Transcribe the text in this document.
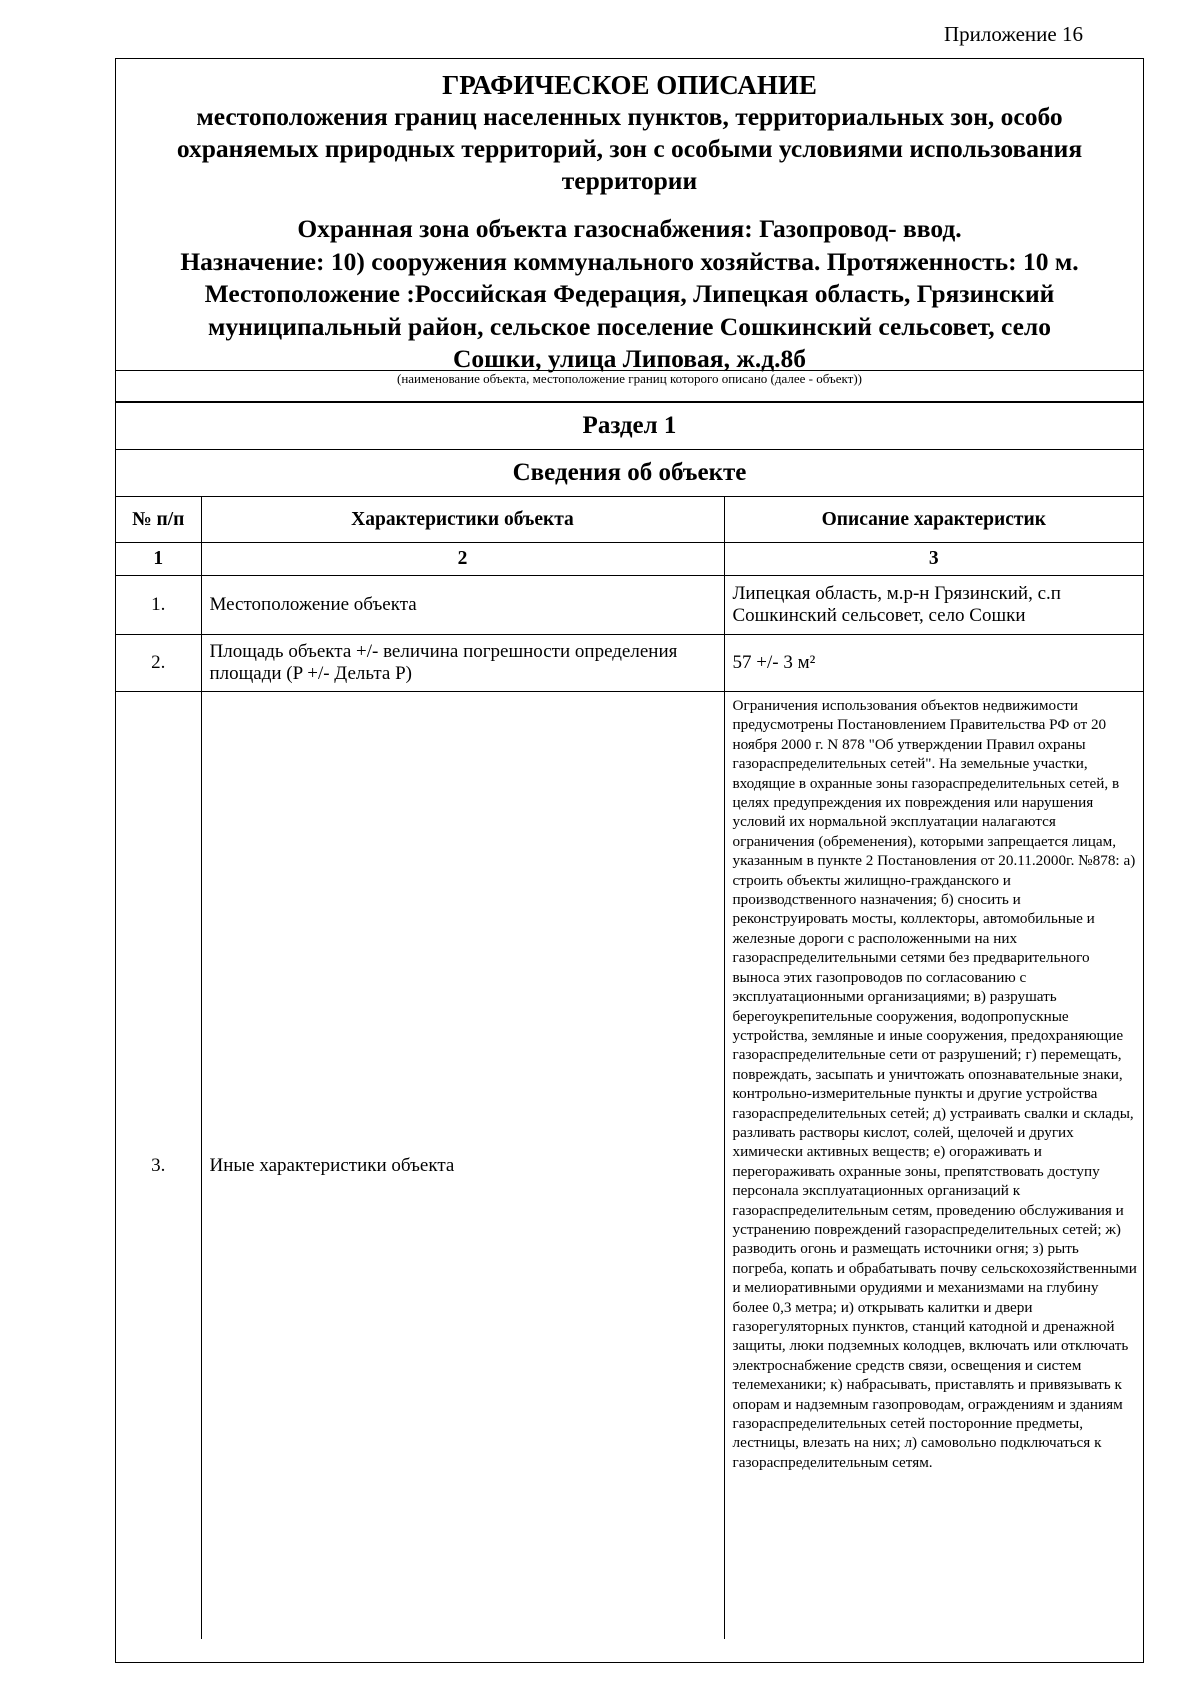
Приложение 16
ГРАФИЧЕСКОЕ ОПИСАНИЕ
местоположения границ населенных пунктов, территориальных зон, особо охраняемых природных территорий, зон с особыми условиями использования территории
Охранная зона объекта газоснабжения: Газопровод- ввод.
Назначение: 10) сооружения коммунального хозяйства. Протяженность: 10 м.
Местоположение :Российская Федерация, Липецкая область, Грязинский
муниципальный район, сельское поселение Сошкинский сельсовет, село
Сошки, улица Липовая, ж.д.8б
(наименование объекта, местоположение границ которого описано (далее - объект))
Раздел 1
Сведения об объекте
№ п/п	Характеристики объекта	Описание характеристик
1	2	3
1.	Местоположение объекта	Липецкая область, м.р-н Грязинский, с.п Сошкинский сельсовет, село Сошки
2.	Площадь объекта +/- величина погрешности определения площади (P +/- Дельта P)	57 +/- 3 м²
3.	Иные характеристики объекта	Ограничения использования объектов недвижимости предусмотрены Постановлением Правительства РФ от 20 ноября 2000 г. N 878 "Об утверждении Правил охраны газораспределительных сетей". На земельные участки, входящие в охранные зоны газораспределительных сетей, в целях предупреждения их повреждения или нарушения условий их нормальной эксплуатации налагаются ограничения (обременения), которыми запрещается лицам, указанным в пункте 2 Постановления от 20.11.2000г. №878: а) строить объекты жилищно-гражданского и производственного назначения; б) сносить и реконструировать мосты, коллекторы, автомобильные и железные дороги с расположенными на них газораспределительными сетями без предварительного выноса этих газопроводов по согласованию с эксплуатационными организациями; в) разрушать берегоукрепительные сооружения, водопропускные устройства, земляные и иные сооружения, предохраняющие газораспределительные сети от разрушений; г) перемещать, повреждать, засыпать и уничтожать опознавательные знаки, контрольно-измерительные пункты и другие устройства газораспределительных сетей; д) устраивать свалки и склады, разливать растворы кислот, солей, щелочей и других химически активных веществ; е) огораживать и перегораживать охранные зоны, препятствовать доступу персонала эксплуатационных организаций к газораспределительным сетям, проведению обслуживания и устранению повреждений газораспределительных сетей; ж) разводить огонь и размещать источники огня; з) рыть погреба, копать и обрабатывать почву сельскохозяйственными и мелиоративными орудиями и механизмами на глубину более 0,3 метра; и) открывать калитки и двери газорегуляторных пунктов, станций катодной и дренажной защиты, люки подземных колодцев, включать или отключать электроснабжение средств связи, освещения и систем телемеханики; к) набрасывать, приставлять и привязывать к опорам и надземным газопроводам, ограждениям и зданиям газораспределительных сетей посторонние предметы, лестницы, влезать на них; л) самовольно подключаться к газораспределительным сетям.
